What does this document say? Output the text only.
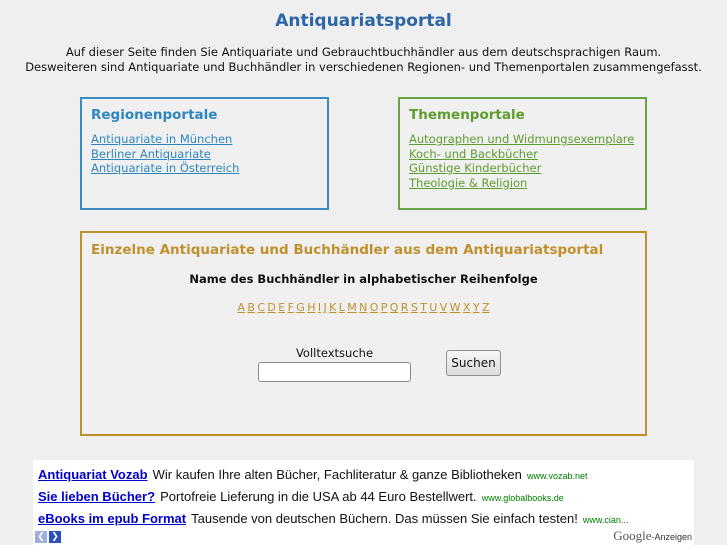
Antiquariatsportal
Auf dieser Seite finden Sie Antiquariate und Gebrauchtbuchhändler aus dem deutschsprachigen Raum.
Desweiteren sind Antiquariate und Buchhändler in verschiedenen Regionen- und Themenportalen zusammengefasst.
Regionenportale
Antiquariate in München
Berliner Antiquariate
Antiquariate in Österreich
Themenportale
Autographen und Widmungsexemplare
Koch- und Backbücher
Günstige Kinderbücher
Theologie & Religion
Einzelne Antiquariate und Buchhändler aus dem Antiquariatsportal
Name des Buchhändler in alphabetischer Reihenfolge
A B C D E F G H I J K L M N O P Q R S T U V W X Y Z
Volltextsuche
Suchen
Antiquariat Vozab Wir kaufen Ihre alten Bücher, Fachliteratur & ganze Bibliotheken www.vozab.net
Sie lieben Bücher? Portofreie Lieferung in die USA ab 44 Euro Bestellwert. www.globalbooks.de
eBooks im epub Format Tausende von deutschen Büchern. Das müssen Sie einfach testen! www.cian...
❮ ❯	Google-Anzeigen
